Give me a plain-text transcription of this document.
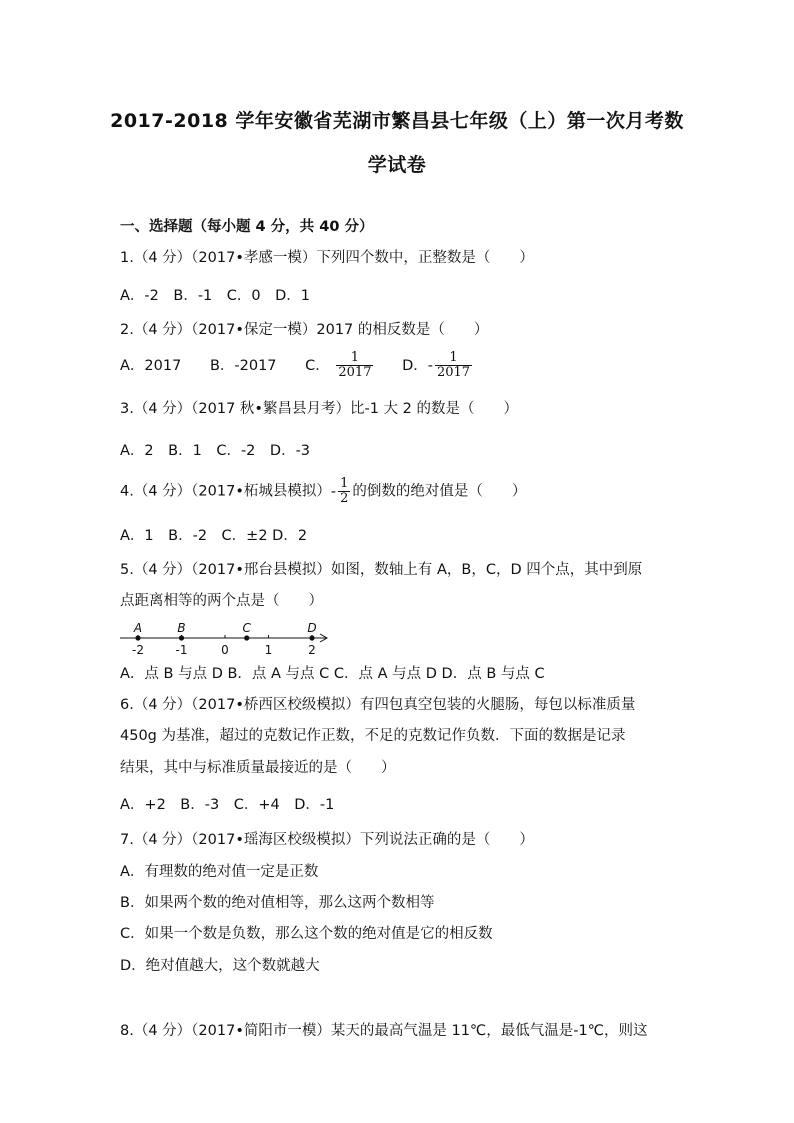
2017-2018 学年安徽省芜湖市繁昌县七年级（上）第一次月考数
学试卷
一、选择题（每小题 4 分，共 40 分）
1.（4 分）（2017•孝感一模）下列四个数中，正整数是（　　）
A．-2　B．-1　C．0　D．1
2.（4 分）（2017•保定一模）2017 的相反数是（　　）
A．2017 B．-2017 C． $\frac{1}{2017}$ D．- $\frac{1}{2017}$
3.（4 分）（2017 秋•繁昌县月考）比-1 大 2 的数是（　　）
A．2　B．1　C．-2　D．-3
4.（4 分）（2017•柘城县模拟）- $\frac{1}{2}$ 的倒数的绝对值是（　　）
A．1　B．-2　C．±2 D．2
5.（4 分）（2017•邢台县模拟）如图，数轴上有 A，B，C，D 四个点，其中到原
点距离相等的两个点是（　　）
-2	-1	0	1	2
A	B	C	D
A．点 B 与点 D B．点 A 与点 C C．点 A 与点 D D．点 B 与点 C
6.（4 分）（2017•桥西区校级模拟）有四包真空包装的火腿肠，每包以标准质量
450g 为基准，超过的克数记作正数，不足的克数记作负数．下面的数据是记录
结果，其中与标准质量最接近的是（　　）
A．+2　B．-3　C．+4　D．-1
7.（4 分）（2017•瑶海区校级模拟）下列说法正确的是（　　）
A．有理数的绝对值一定是正数
B．如果两个数的绝对值相等，那么这两个数相等
C．如果一个数是负数，那么这个数的绝对值是它的相反数
D．绝对值越大，这个数就越大
8.（4 分）（2017•简阳市一模）某天的最高气温是 11℃，最低气温是-1℃，则这
